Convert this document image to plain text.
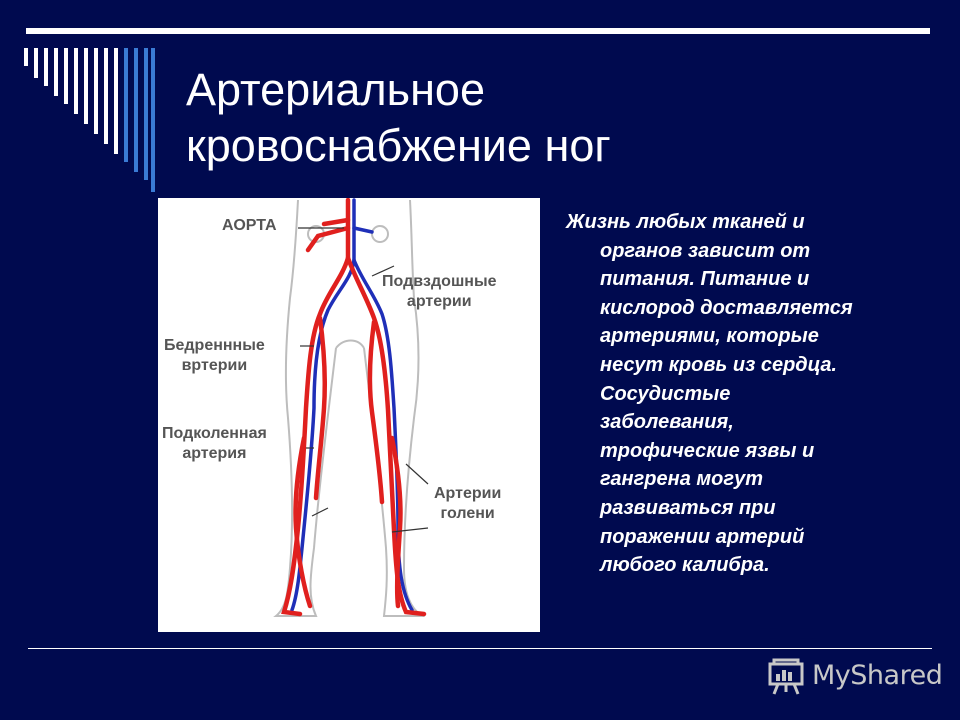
Артериальное
кровоснабжение ног
АОРТА
Подвздошные
артерии
Бедреннные
вртерии
Подколенная
артерия
Артерии
голени
Жизнь любых тканей и
органов зависит от
питания. Питание и
кислород доставляется
артериями, которые
несут кровь из сердца.
Сосудистые
заболевания,
трофические язвы и
гангрена могут
развиваться при
поражении артерий
любого калибра.
MyShared
